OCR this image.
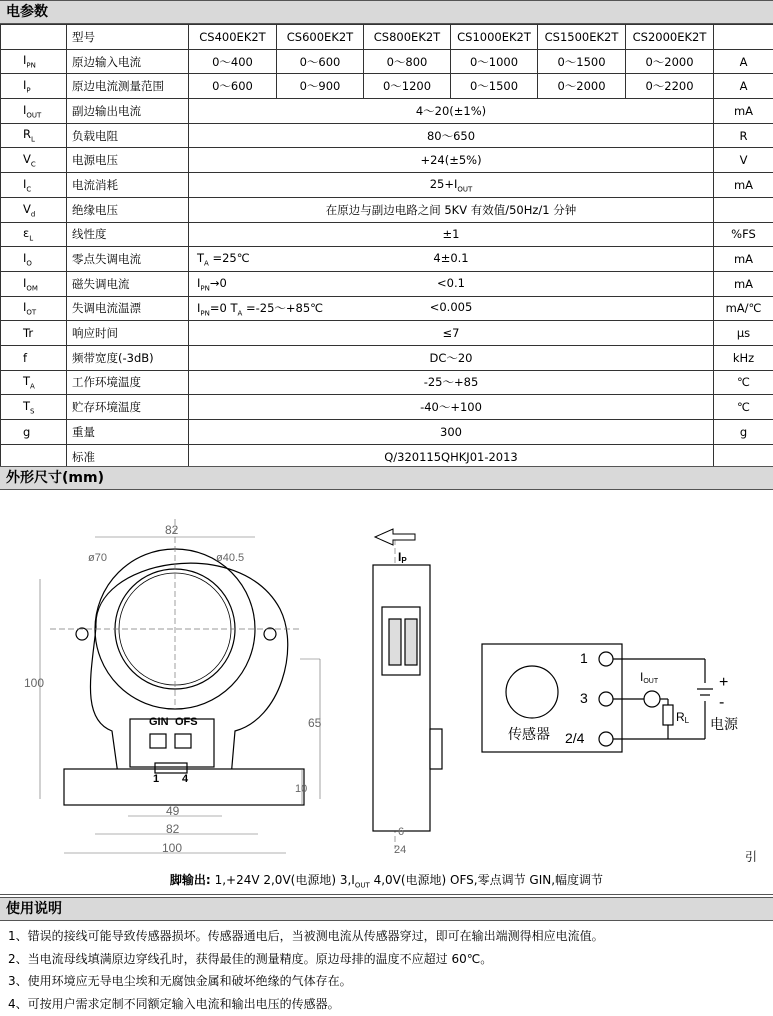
电参数
	型号	CS400EK2T	CS600EK2T	CS800EK2T	CS1000EK2T	CS1500EK2T	CS2000EK2T	
$I_{PN}$	原边输入电流	0～400	0～600	0～800	0～1000	0～1500	0～2000	A
$I_P$	原边电流测量范围	0～600	0～900	0～1200	0～1500	0～2000	0～2200	A
$I_{OUT}$	副边输出电流	4～20(±1%)						mA
$R_L$	负载电阻	80～650						R
$V_C$	电源电压	+24(±5%)						V
$I_C$	电流消耗	$25+I_{OUT}$						mA
$V_d$	绝缘电压	在原边与副边电路之间 5KV 有效值/50Hz/1 分钟						
$\varepsilon_L$	线性度	±1						%FS
$I_O$	零点失调电流	$T_A$ =25℃ 4±0.1						mA
$I_{OM}$	磁失调电流	$I_{PN}\to 0 <0.1$						mA
$I_{OT}$	失调电流温漂	$I_{PN}=0$ $T_A$ =-25～+85℃ <0.005						mA/℃
Tr	响应时间	≤7						μs
f	频带宽度(-3dB)	DC～20						kHz
$T_A$	工作环境温度	-25～+85						℃
$T_S$	贮存环境温度	-40～+100						℃
g	重量	300						g
	标准	Q/320115QHKJ01-2013						
外形尺寸(mm)
82
ø70	ø40.5
100
65
10
49
82
100
GIN OFS
1 4
IP
6
24
传感器
1
3
2/4
IOUT
RL
+
-
电源
引
脚输出: 1,+24V 2,0V(电源地) $3,I_{OUT}$ 4,0V(电源地) OFS,零点调节 GIN,幅度调节
使用说明
1、错误的接线可能导致传感器损坏。传感器通电后，当被测电流从传感器穿过，即可在输出端测得相应电流值。
2、当电流母线填满原边穿线孔时，获得最佳的测量精度。原边母排的温度不应超过 60℃。
3、使用环境应无导电尘埃和无腐蚀金属和破坏绝缘的气体存在。
4、可按用户需求定制不同额定输入电流和输出电压的传感器。
